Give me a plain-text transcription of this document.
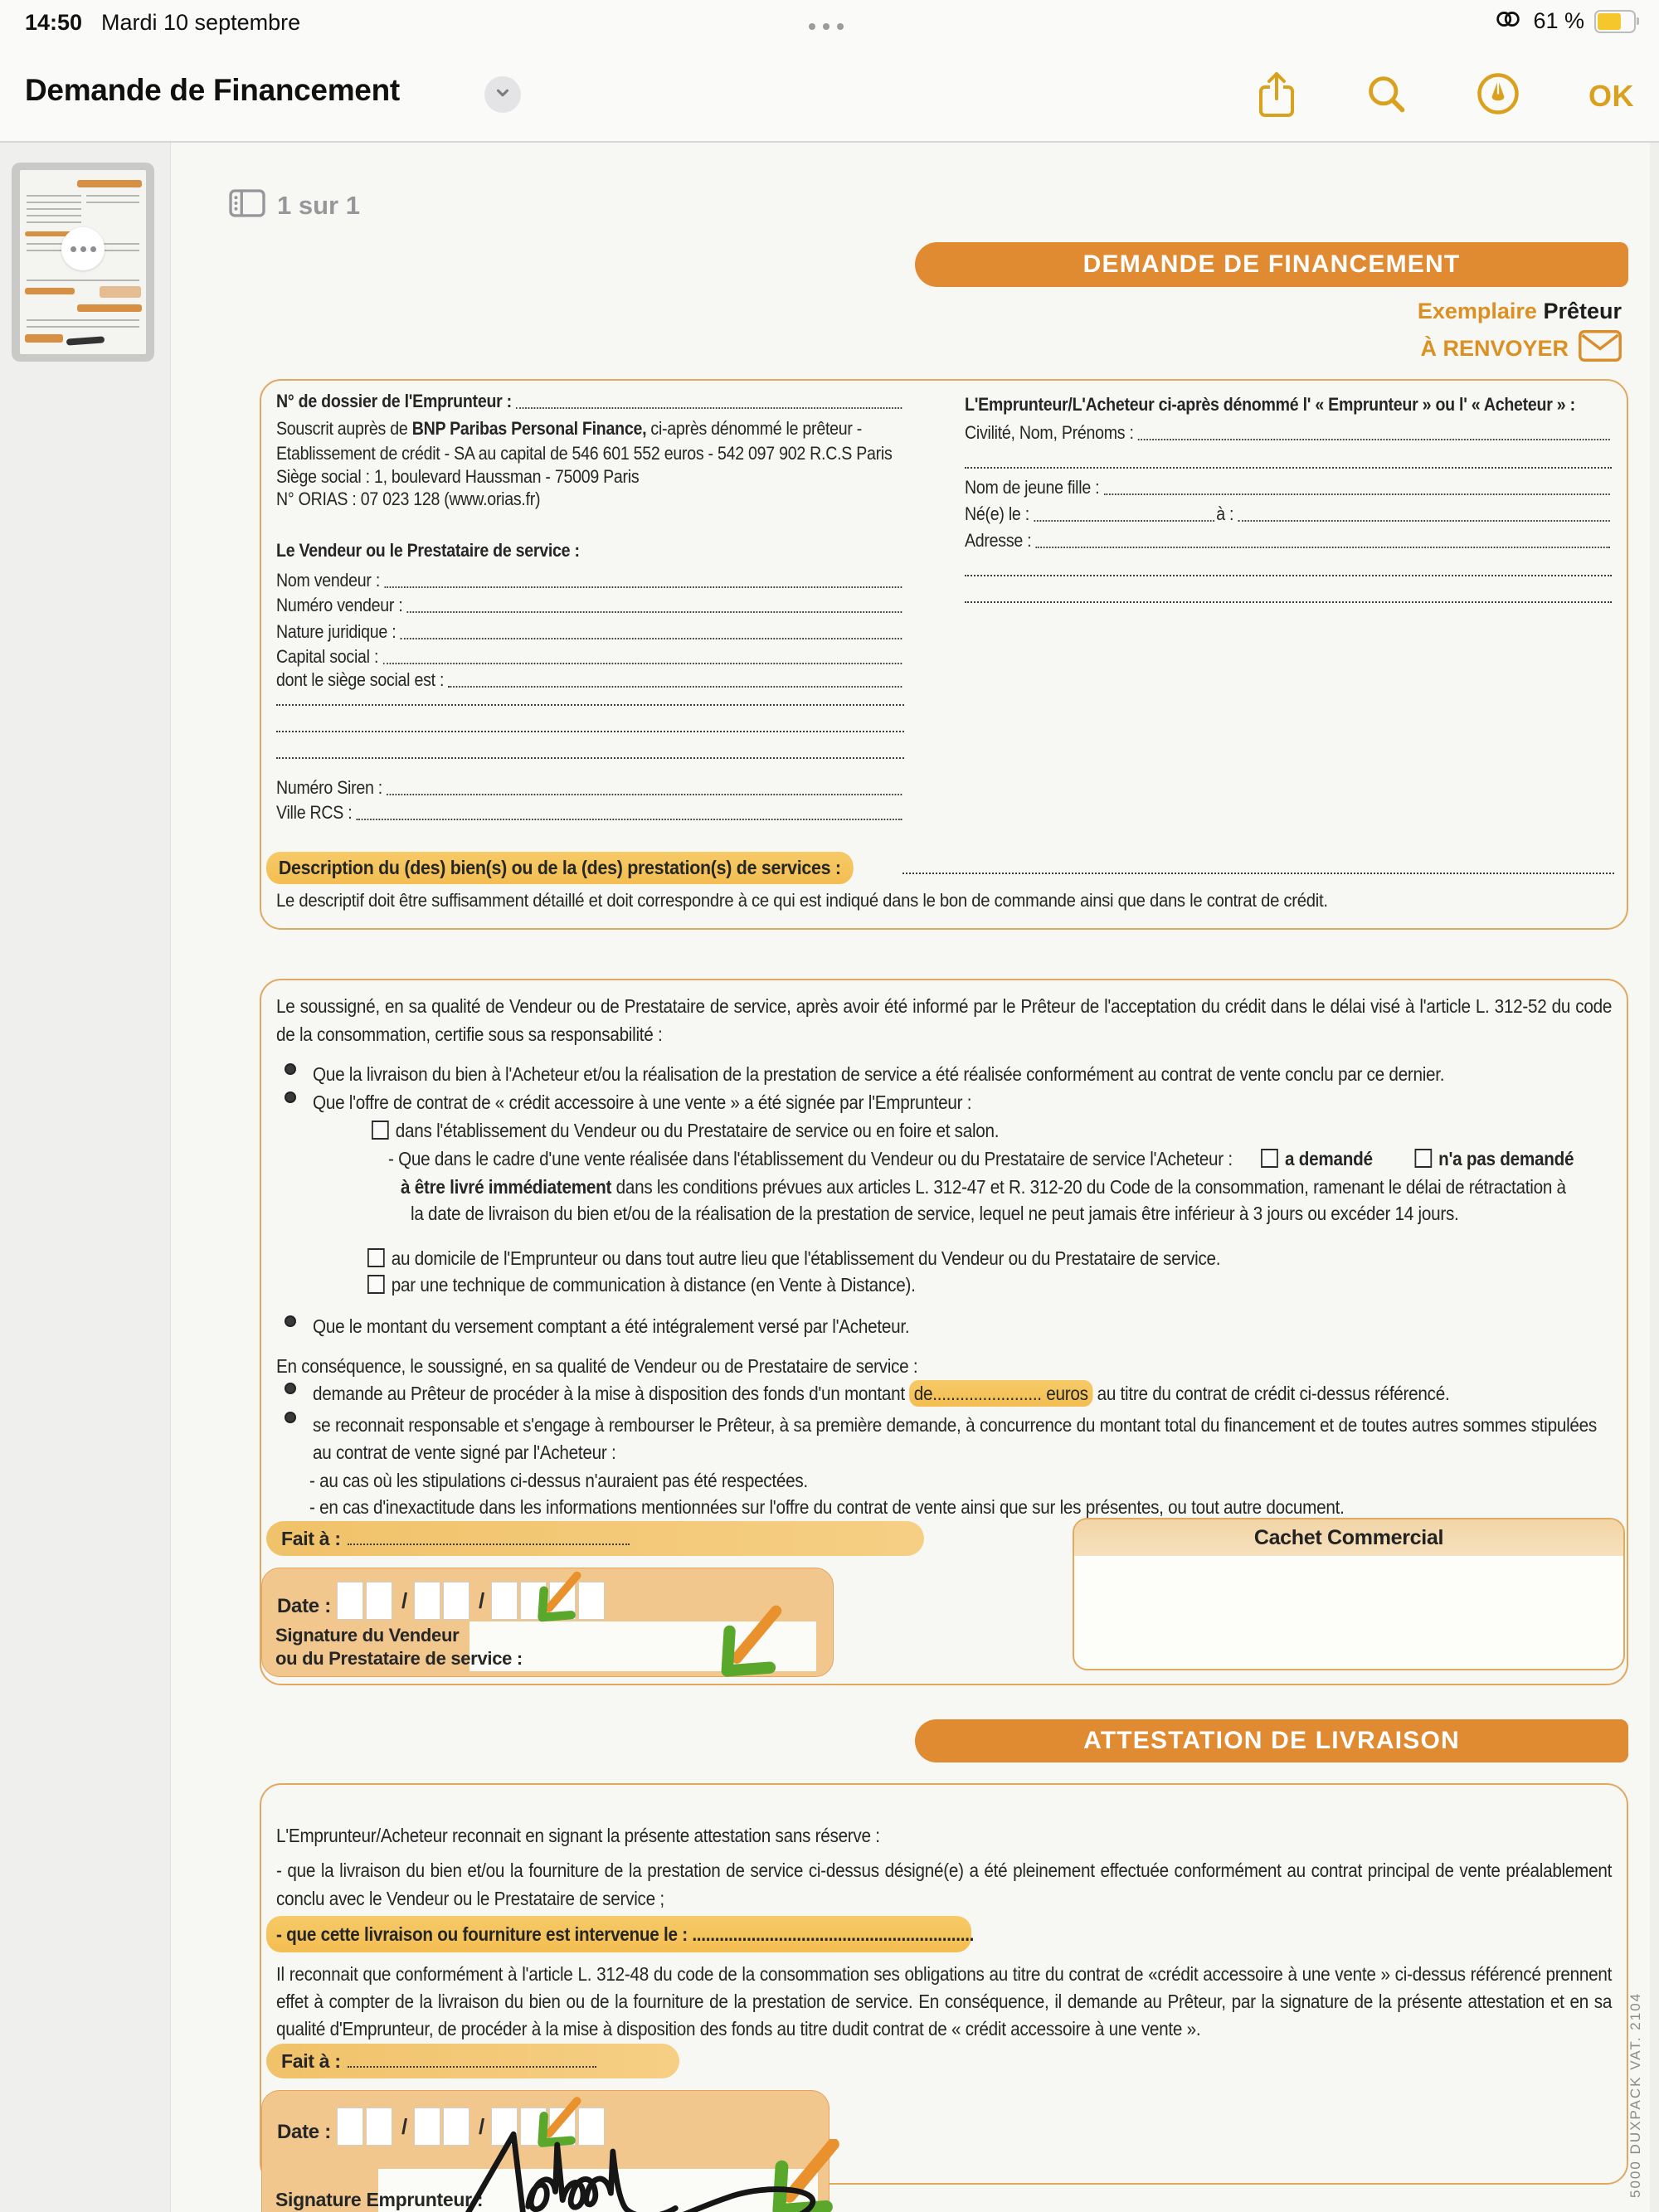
14:50 Mardi 10 septembre	61 %
Demande de Financement	OK
1 sur 1
DEMANDE DE FINANCEMENT
Exemplaire Prêteur
À RENVOYER
N° de dossier de l'Emprunteur :
Souscrit auprès de BNP Paribas Personal Finance, ci-après dénommé le prêteur -
Etablissement de crédit - SA au capital de 546 601 552 euros - 542 097 902 R.C.S Paris
Siège social : 1, boulevard Haussman - 75009 Paris
N° ORIAS : 07 023 128 (www.orias.fr)
Le Vendeur ou le Prestataire de service :
Nom vendeur :
Numéro vendeur :
Nature juridique :
Capital social :
dont le siège social est :
Numéro Siren :
Ville RCS :
L'Emprunteur/L'Acheteur ci-après dénommé l' « Emprunteur » ou l' « Acheteur » :
Civilité, Nom, Prénoms :
Nom de jeune fille :
Né(e) le :	à :
Adresse :
Description du (des) bien(s) ou de la (des) prestation(s) de services :
Le descriptif doit être suffisamment détaillé et doit correspondre à ce qui est indiqué dans le bon de commande ainsi que dans le contrat de crédit.
Le soussigné, en sa qualité de Vendeur ou de Prestataire de service, après avoir été informé par le Prêteur de l'acceptation du crédit dans le délai visé à l'article L. 312-52 du code de la consommation, certifie sous sa responsabilité :
Que la livraison du bien à l'Acheteur et/ou la réalisation de la prestation de service a été réalisée conformément au contrat de vente conclu par ce dernier.
Que l'offre de contrat de « crédit accessoire à une vente » a été signée par l'Emprunteur :
dans l'établissement du Vendeur ou du Prestataire de service ou en foire et salon.
- Que dans le cadre d'une vente réalisée dans l'établissement du Vendeur ou du Prestataire de service l'Acheteur :	a demandé	n'a pas demandé
à être livré immédiatement dans les conditions prévues aux articles L. 312-47 et R. 312-20 du Code de la consommation, ramenant le délai de rétractation à
la date de livraison du bien et/ou de la réalisation de la prestation de service, lequel ne peut jamais être inférieur à 3 jours ou excéder 14 jours.
au domicile de l'Emprunteur ou dans tout autre lieu que l'établissement du Vendeur ou du Prestataire de service.
par une technique de communication à distance (en Vente à Distance).
Que le montant du versement comptant a été intégralement versé par l'Acheteur.
En conséquence, le soussigné, en sa qualité de Vendeur ou de Prestataire de service :
demande au Prêteur de procéder à la mise à disposition des fonds d'un montant de........................ euros au titre du contrat de crédit ci-dessus référencé.
se reconnait responsable et s'engage à rembourser le Prêteur, à sa première demande, à concurrence du montant total du financement et de toutes autres sommes stipulées au contrat de vente signé par l'Acheteur :
- au cas où les stipulations ci-dessus n'auraient pas été respectées.
- en cas d'inexactitude dans les informations mentionnées sur l'offre du contrat de vente ainsi que sur les présentes, ou tout autre document.
Fait à :
Date :	/	/
Signature du Vendeur
ou du Prestataire de service :
Cachet Commercial
ATTESTATION DE LIVRAISON
L'Emprunteur/Acheteur reconnait en signant la présente attestation sans réserve :
- que la livraison du bien et/ou la fourniture de la prestation de service ci-dessus désigné(e) a été pleinement effectuée conformément au contrat principal de vente préalablement conclu avec le Vendeur ou le Prestataire de service ;
- que cette livraison ou fourniture est intervenue le : ..............................................................
Il reconnait que conformément à l'article L. 312-48 du code de la consommation ses obligations au titre du contrat de «crédit accessoire à une vente » ci-dessus référencé prennent effet à compter de la livraison du bien ou de la fourniture de la prestation de service. En conséquence, il demande au Prêteur, par la signature de la présente attestation et en sa qualité d'Emprunteur, de procéder à la mise à disposition des fonds au titre dudit contrat de « crédit accessoire à une vente ».
Fait à :
Date :	/	/
Signature Emprunteur :
5000 DUXPACK VAT. 2104
